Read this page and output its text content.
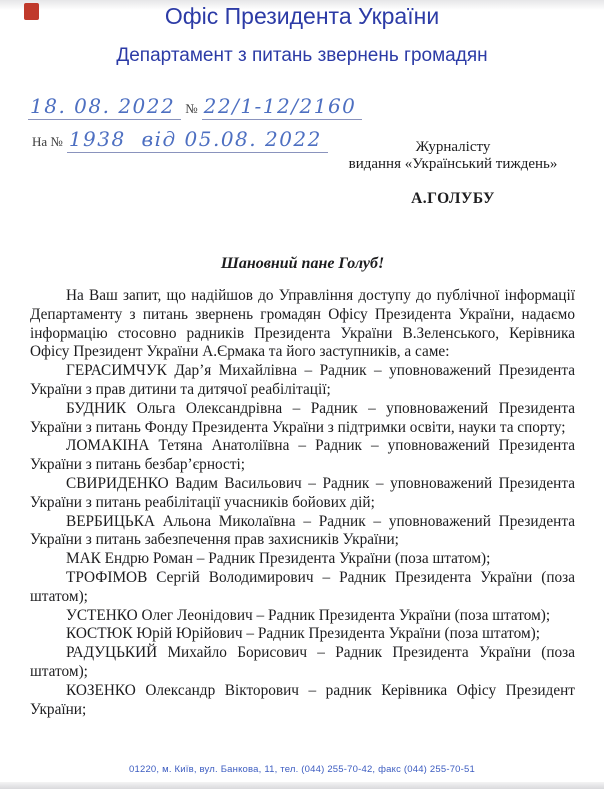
Офіс Президента України
Департамент з питань звернень громадян
18. 08. 2022 № 22/1-12/2160
На № 1938 від 05.08. 2022	Журналісту
видання «Український тиждень»
А.ГОЛУБУ
Шановний пане Голуб!

На Ваш запит, що надійшов до Управління доступу до публічної інформації Департаменту з питань звернень громадян Офісу Президента України, надаємо інформацію стосовно радників Президента України В.Зеленського, Керівника Офісу Президент України А.Єрмака та його заступників, а саме:

ГЕРАСИМЧУК Дар’я Михайлівна – Радник – уповноважений Президента України з прав дитини та дитячої реабілітації;

БУДНИК Ольга Олександрівна – Радник – уповноважений Президента України з питань Фонду Президента України з підтримки освіти, науки та спорту;

ЛОМАКІНА Тетяна Анатоліївна – Радник – уповноважений Президента України з питань безбар’єрності;

СВИРИДЕНКО Вадим Васильович – Радник – уповноважений Президента України з питань реабілітації учасників бойових дій;

ВЕРБИЦЬКА Альона Миколаївна – Радник – уповноважений Президента України з питань забезпечення прав захисників України;

МАК Ендрю Роман – Радник Президента України (поза штатом);

ТРОФІМОВ Сергій Володимирович – Радник Президента України (поза штатом);

УСТЕНКО Олег Леонідович – Радник Президента України (поза штатом);

КОСТЮК Юрій Юрійович – Радник Президента України (поза штатом);

РАДУЦЬКИЙ Михайло Борисович – Радник Президента України (поза штатом);

КОЗЕНКО Олександр Вікторович – радник Керівника Офісу Президент України;

01220, м. Київ, вул. Банкова, 11, тел. (044) 255-70-42, факс (044) 255-70-51
